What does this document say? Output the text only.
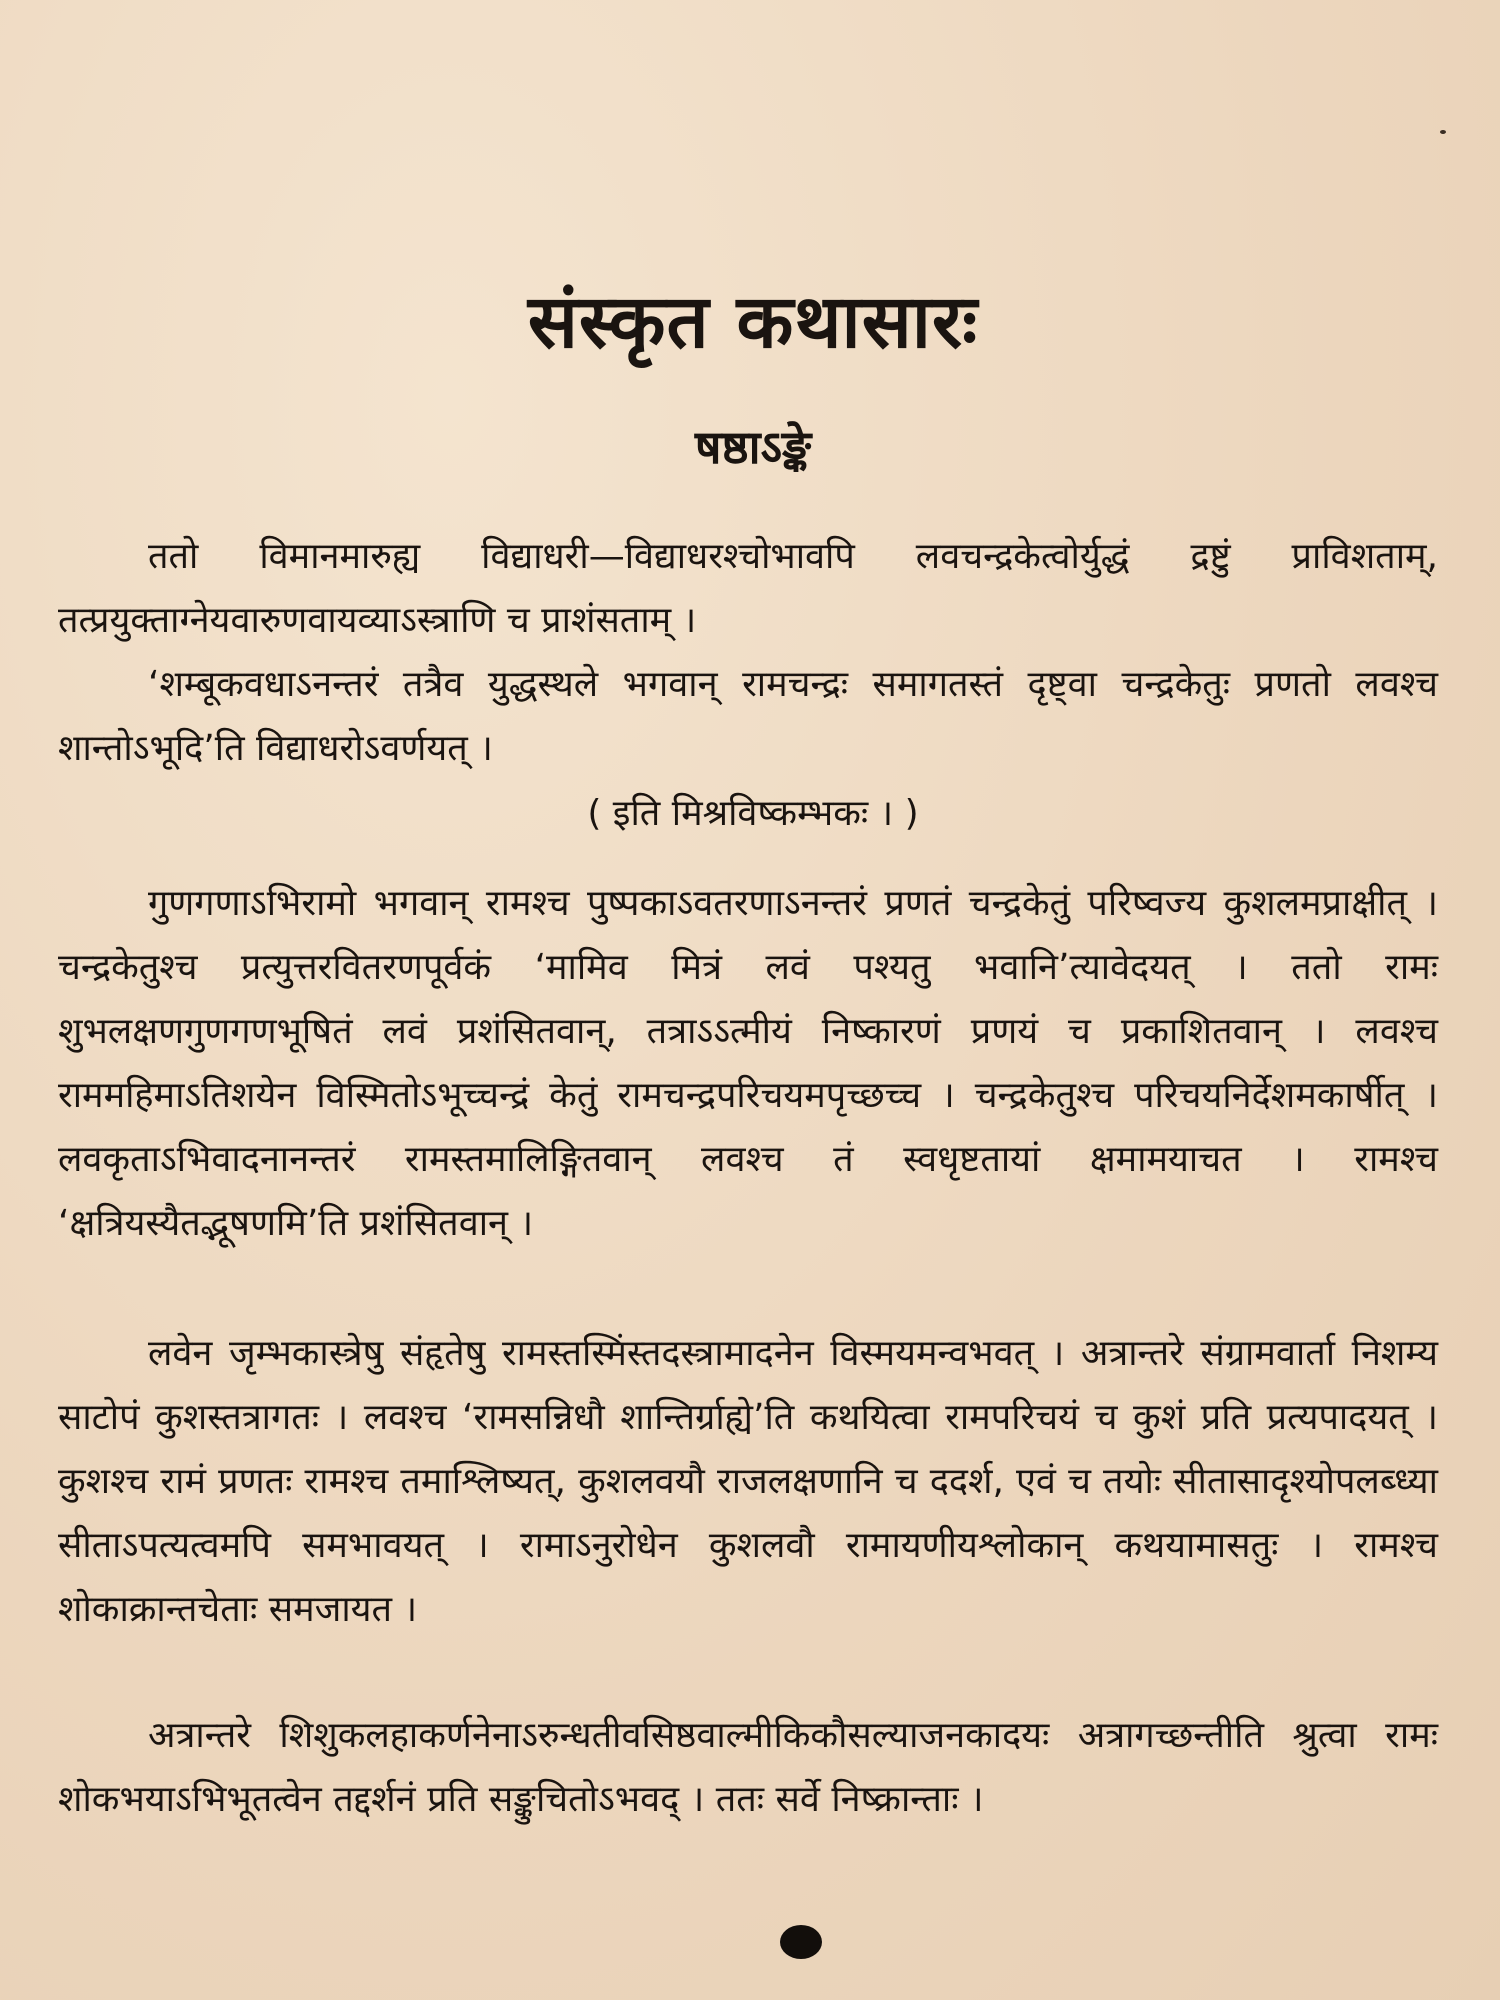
संस्कृत कथासारः
षष्ठाऽङ्के

ततो विमानमारुह्य विद्याधरी—विद्याधरश्चोभावपि लवचन्द्रकेत्वोर्युद्धं द्रष्टुं प्राविशताम्, तत्प्रयुक्ताग्नेयवारुणवायव्याऽस्त्राणि च प्राशंसताम् ।

‘शम्बूकवधाऽनन्तरं तत्रैव युद्धस्थले भगवान् रामचन्द्रः समागतस्तं दृष्ट्वा चन्द्रकेतुः प्रणतो लवश्च शान्तोऽभूदि’ति विद्याधरोऽवर्णयत् ।

( इति मिश्रविष्कम्भकः । )

गुणगणाऽभिरामो भगवान् रामश्च पुष्पकाऽवतरणाऽनन्तरं प्रणतं चन्द्रकेतुं परिष्वज्य कुशलमप्राक्षीत् । चन्द्रकेतुश्च प्रत्युत्तरवितरणपूर्वकं ‘मामिव मित्रं लवं पश्यतु भवानि’त्यावेदयत् । ततो रामः शुभलक्षणगुणगणभूषितं लवं प्रशंसितवान्, तत्राऽऽत्मीयं निष्कारणं प्रणयं च प्रकाशितवान् । लवश्च राममहिमाऽतिशयेन विस्मितोऽभूच्चन्द्रं केतुं रामचन्द्रपरिचयमपृच्छच्च । चन्द्रकेतुश्च परिचयनिर्देशमकार्षीत् । लवकृताऽभिवादनानन्तरं रामस्तमालिङ्गितवान् लवश्च तं स्वधृष्टतायां क्षमामयाचत । रामश्च ‘क्षत्रियस्यैतद्भूषणमि’ति प्रशंसितवान् ।

लवेन जृम्भकास्त्रेषु संहृतेषु रामस्तस्मिंस्तदस्त्रामादनेन विस्मयमन्वभवत् । अत्रान्तरे संग्रामवार्ता निशम्य साटोपं कुशस्तत्रागतः । लवश्च ‘रामसन्निधौ शान्तिर्ग्राह्ये’ति कथयित्वा रामपरिचयं च कुशं प्रति प्रत्यपादयत् । कुशश्च रामं प्रणतः रामश्च तमाश्लिष्यत्, कुशलवयौ राजलक्षणानि च ददर्श, एवं च तयोः सीतासादृश्योपलब्ध्या सीताऽपत्यत्वमपि समभावयत् । रामाऽनुरोधेन कुशलवौ रामायणीयश्लोकान् कथयामासतुः । रामश्च शोकाक्रान्तचेताः समजायत ।

अत्रान्तरे शिशुकलहाकर्णनेनाऽरुन्धतीवसिष्ठवाल्मीकिकौसल्याजनकादयः अत्रागच्छन्तीति श्रुत्वा रामः शोकभयाऽभिभूतत्वेन तद्दर्शनं प्रति सङ्कुचितोऽभवद् । ततः सर्वे निष्क्रान्ताः ।
